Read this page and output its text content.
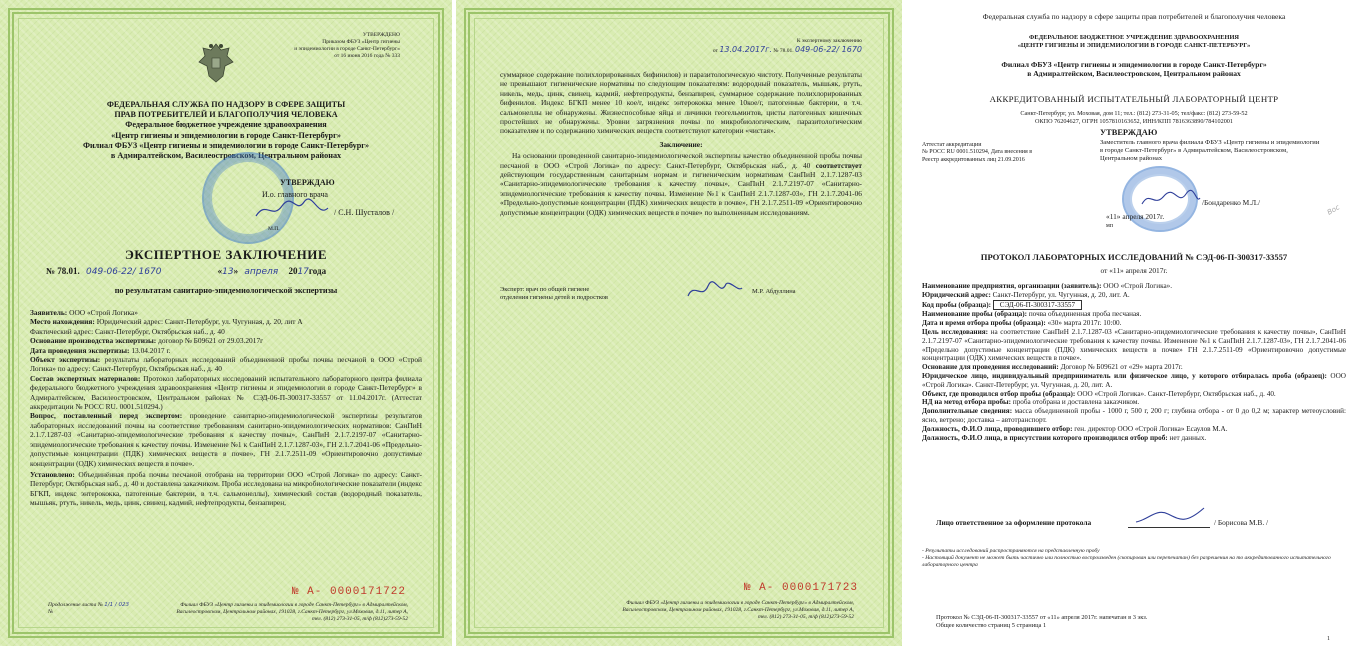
УТВЕРЖДЕНО
Приказом ФБУЗ «Центр гигиены
и эпидемиологии в городе Санкт-Петербург»
от 16 июня 2016 года № 333
ФЕДЕРАЛЬНАЯ СЛУЖБА ПО НАДЗОРУ В СФЕРЕ ЗАЩИТЫ
ПРАВ ПОТРЕБИТЕЛЕЙ И БЛАГОПОЛУЧИЯ ЧЕЛОВЕКА
Федеральное бюджетное учреждение здравоохранения
«Центр гигиены и эпидемиологии в городе Санкт-Петербург»
Филиал ФБУЗ «Центр гигиены и эпидемиологии в городе Санкт-Петербург»
в Адмиралтейском, Василеостровском, Центральном районах
УТВЕРЖДАЮ
И.о. главного врача
/ С.Н. Шусталов /
М.П.
ЭКСПЕРТНОЕ ЗАКЛЮЧЕНИЕ
№ 78.01. 049-06-22/ 1670	«13» апреля 2017года
по результатам санитарно-эпидемиологической экспертизы
Заявитель: ООО «Строй Логика»
Место нахождения: Юридический адрес: Санкт-Петербург, ул. Чугунная, д. 20, лит А
Фактический адрес: Санкт-Петербург, Октябрьская наб., д. 40
Основание производства экспертизы: договор № Б09621 от 29.03.2017г
Дата проведения экспертизы: 13.04.2017 г.
Объект экспертизы: результаты лабораторных исследований объединенной пробы почвы песчаной в ООО «Строй Логика» по адресу: Санкт-Петербург, Октябрьская наб., д. 40
Состав экспертных материалов: Протокол лабораторных исследований испытательного лабораторного центра филиала федерального бюджетного учреждения здравоохранения «Центр гигиены и эпидемиологии в городе Санкт-Петербург» в Адмиралтейском, Василеостровском, Центральном районах № СЭД-06-П-300317-33557 от 11.04.2017г. (Аттестат аккредитации № РОСС RU. 0001.510294.)
Вопрос, поставленный перед экспертом: проведение санитарно-эпидемиологической экспертизы результатов лабораторных исследований почвы на соответствие требованиям санитарно-эпидемиологических нормативов: СанПиН 2.1.7.1287-03 «Санитарно-эпидемиологические требования к качеству почвы», СанПиН 2.1.7.2197-07 «Санитарно-эпидемиологические требования к качеству почвы. Изменение №1 к СанПиН 2.1.7.1287-03», ГН 2.1.7.2041-06 «Предельно-допустимые концентрации (ПДК) химических веществ в почве», ГН 2.1.7.2511-09 «Ориентировочно допустимые концентрации (ОДК) химических веществ в почве».
Установлено: Объединённая проба почвы песчаной отобрана на территории ООО «Строй Логика» по адресу: Санкт-Петербург, Октябрьская наб., д. 40 и доставлена заказчиком. Проба исследована на микробиологические показатели (индекс БГКП, индекс энтерококка, патогенные бактерии, в т.ч. сальмонеллы), химический состав (водородный показатель, мышьяк, ртуть, никель, медь, цинк, свинец, кадмий, нефтепродукты, бензапирен,
№ А- 0000171722
Продолжение листа № 1/1 / 023
№
Филиал ФБУЗ «Центр гигиены и эпидемиологии в городе Санкт-Петербург» в Адмиралтейском, Василеостровском, Центральном районах, 191028, г.Санкт-Петербург, ул.Моховая, д.11, литер А, тел. (812) 273-31-05, т/ф (812)273-59-52
К экспертному заключению
от 13.04.2017г. № 78.01. 049-06-22/ 1670
суммарное содержание полихлорированных бифинилов) и паразитологическую чистоту. Полученные результаты не превышают гигиенические нормативы по следующим показателям: водородный показатель, мышьяк, ртуть, никель, медь, цинк, свинец, кадмий, нефтепродукты, бензапирен, суммарное содержание полихлорированных бифенилов. Индекс БГКП менее 10 кое/г, индекс энтерококка менее 10кое/г, патогенные бактерии, в т.ч. сальмонеллы не обнаружены. Жизнеспособные яйца и личинки геогельминтов, цисты патогенных кишечных простейших не обнаружены. Уровни загрязнения почвы по микробиологическим, паразитологическим показателям и по содержанию химических веществ соответствуют категории «чистая».
Заключение:
На основании проведенной санитарно-эпидемиологической экспертизы качество объединенной пробы почвы песчаной в ООО «Строй Логика» по адресу: Санкт-Петербург, Октябрьская наб., д. 40 соответствует действующим государственным санитарным нормам и гигиеническим нормативам СанПиН 2.1.7.1287-03 «Санитарно-эпидемиологические требования к качеству почвы», СанПиН 2.1.7.2197-07 «Санитарно-эпидемиологические требования к качеству почвы. Изменение №1 к СанПиН 2.1.7.1287-03», ГН 2.1.7.2041-06 «Предельно-допустимые концентрации (ПДК) химических веществ в почве», ГН 2.1.7.2511-09 «Ориентировочно допустимые концентрации (ОДК) химических веществ в почве» по выполненным исследованиям.
Эксперт: врач по общей гигиене
отделения гигиены детей и подростков
М.Р. Абдуллина
№ А- 0000171723
Филиал ФБУЗ «Центр гигиены и эпидемиологии в городе Санкт-Петербург» в Адмиралтейском, Василеостровском, Центральном районах, 191028, г.Санкт-Петербург, ул.Моховая, д.11, литер А, тел. (812) 273-31-05, т/ф (812)273-59-52
Федеральная служба по надзору в сфере защиты прав потребителей и благополучия человека
ФЕДЕРАЛЬНОЕ БЮДЖЕТНОЕ УЧРЕЖДЕНИЕ ЗДРАВООХРАНЕНИЯ
«ЦЕНТР ГИГИЕНЫ И ЭПИДЕМИОЛОГИИ В ГОРОДЕ САНКТ-ПЕТЕРБУРГ»
Филиал ФБУЗ «Центр гигиены и эпидемиологии в городе Санкт-Петербург»
в Адмиралтейском, Василеостровском, Центральном районах
АККРЕДИТОВАННЫЙ ИСПЫТАТЕЛЬНЫЙ ЛАБОРАТОРНЫЙ ЦЕНТР
Санкт-Петербург, ул. Моховая, дом 11; тел.: (812) 273-31-05; тел/факс: (812) 273-59-52
ОКПО 76204627, ОГРН 1057810163652, ИНН/КПП 7816363890/784102001
УТВЕРЖДАЮ
Заместитель главного врача филиала ФБУЗ «Центр гигиены и эпидемиологии в городе Санкт-Петербург» в Адмиралтейском, Василеостровском, Центральном районах
Аттестат аккредитации
№ РОСС RU 0001.510294, Дата внесения в
Реестр аккредитованных лиц 21.09.2016
/Бондаренко М.Л./
«11» апреля 2017г.
мп
Вос
ПРОТОКОЛ ЛАБОРАТОРНЫХ ИССЛЕДОВАНИЙ № СЭД-06-П-300317-33557
от «11» апреля 2017г.
Наименование предприятия, организации (заявитель): ООО «Строй Логика».
Юридический адрес: Санкт-Петербург, ул. Чугунная, д. 20, лит. А.
Код пробы (образца): СЭД-06-П-300317-33557
Наименование пробы (образца): почва объединенная проба песчаная.
Дата и время отбора пробы (образца): «30» марта 2017г. 10:00.
Цель исследования: на соответствие СанПиН 2.1.7.1287-03 «Санитарно-эпидемиологические требования к качеству почвы», СанПиН 2.1.7.2197-07 «Санитарно-эпидемиологические требования к качеству почвы. Изменение №1 к СанПиН 2.1.7.1287-03», ГН 2.1.7.2041-06 «Предельно допустимые концентрации (ПДК) химических веществ в почве» ГН 2.1.7.2511-09 «Ориентировочно допустимые концентрации (ОДК) химических веществ в почве».
Основание для проведения исследований: Договор № Б09621 от «29» марта 2017г.
Юридическое лицо, индивидуальный предприниматель или физическое лицо, у которого отбиралась проба (образец): ООО «Строй Логика». Санкт-Петербург, ул. Чугунная, д. 20, лит. А.
Объект, где проводился отбор пробы (образца): ООО «Строй Логика». Санкт-Петербург, Октябрьская наб., д. 40.
НД на метод отбора пробы: проба отобрана и доставлена заказчиком.
Дополнительные сведения: масса объединенной пробы - 1000 г, 500 г, 200 г; глубина отбора - от 0 до 0,2 м; характер метеоусловий: ясно, ветрено; доставка – автотранспорт.
Должность, Ф.И.О лица, проводившего отбор: ген. директор ООО «Строй Логика» Есаулов М.А.
Должность, Ф.И.О лица, в присутствии которого производился отбор проб: нет данных.
Лицо ответственное за оформление протокола	/ Борисова М.В. /
- Результаты исследований распространяются на представленную пробу
- Настоящий документ не может быть частично или полностью воспроизведен (скопирован или перепечатан) без разрешения на то аккредитованного испытательного лабораторного центра
Протокол № СЭД-06-П-300317-33557 от «11» апреля 2017г. напечатан в 3 экз.
Общее количество страниц 5 страница 1
1
